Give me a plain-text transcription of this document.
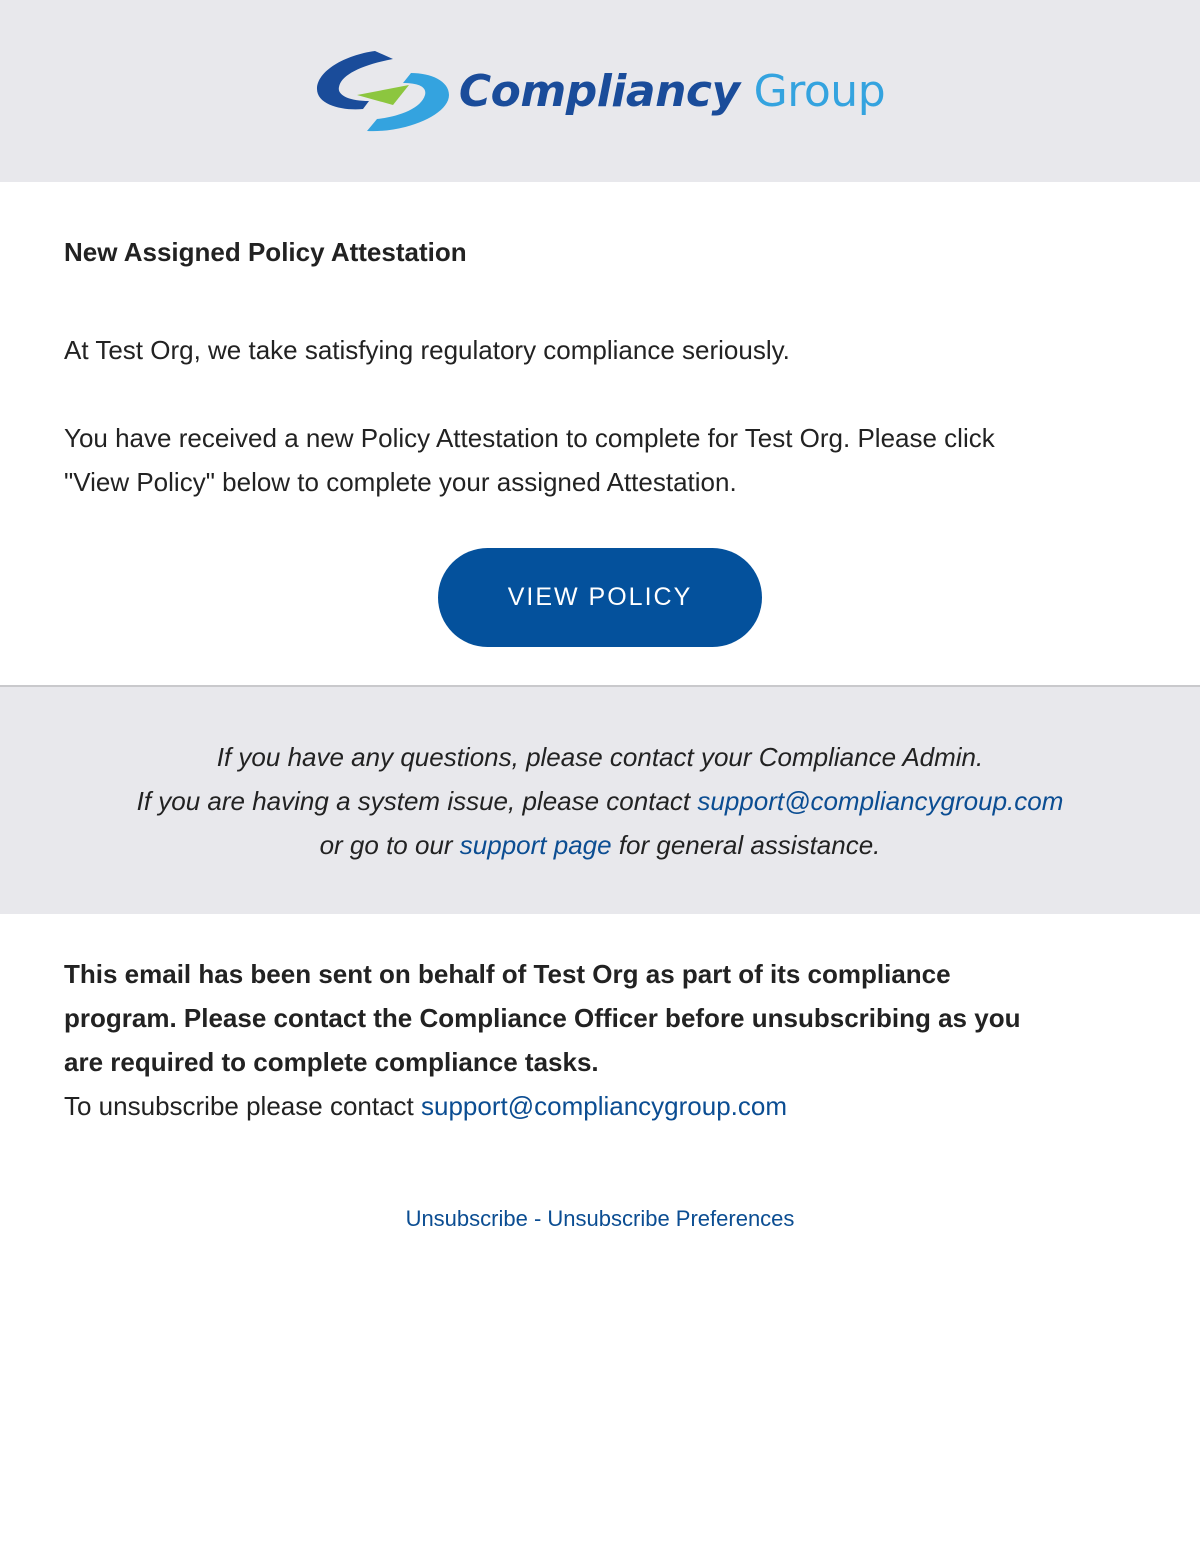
Compliancy Group
New Assigned Policy Attestation
At Test Org, we take satisfying regulatory compliance seriously.
You have received a new Policy Attestation to complete for Test Org. Please click
"View Policy" below to complete your assigned Attestation.
VIEW POLICY
If you have any questions, please contact your Compliance Admin.
If you are having a system issue, please contact support@compliancygroup.com
or go to our support page for general assistance.
This email has been sent on behalf of Test Org as part of its compliance
program. Please contact the Compliance Officer before unsubscribing as you
are required to complete compliance tasks.
To unsubscribe please contact support@compliancygroup.com
Unsubscribe - Unsubscribe Preferences
